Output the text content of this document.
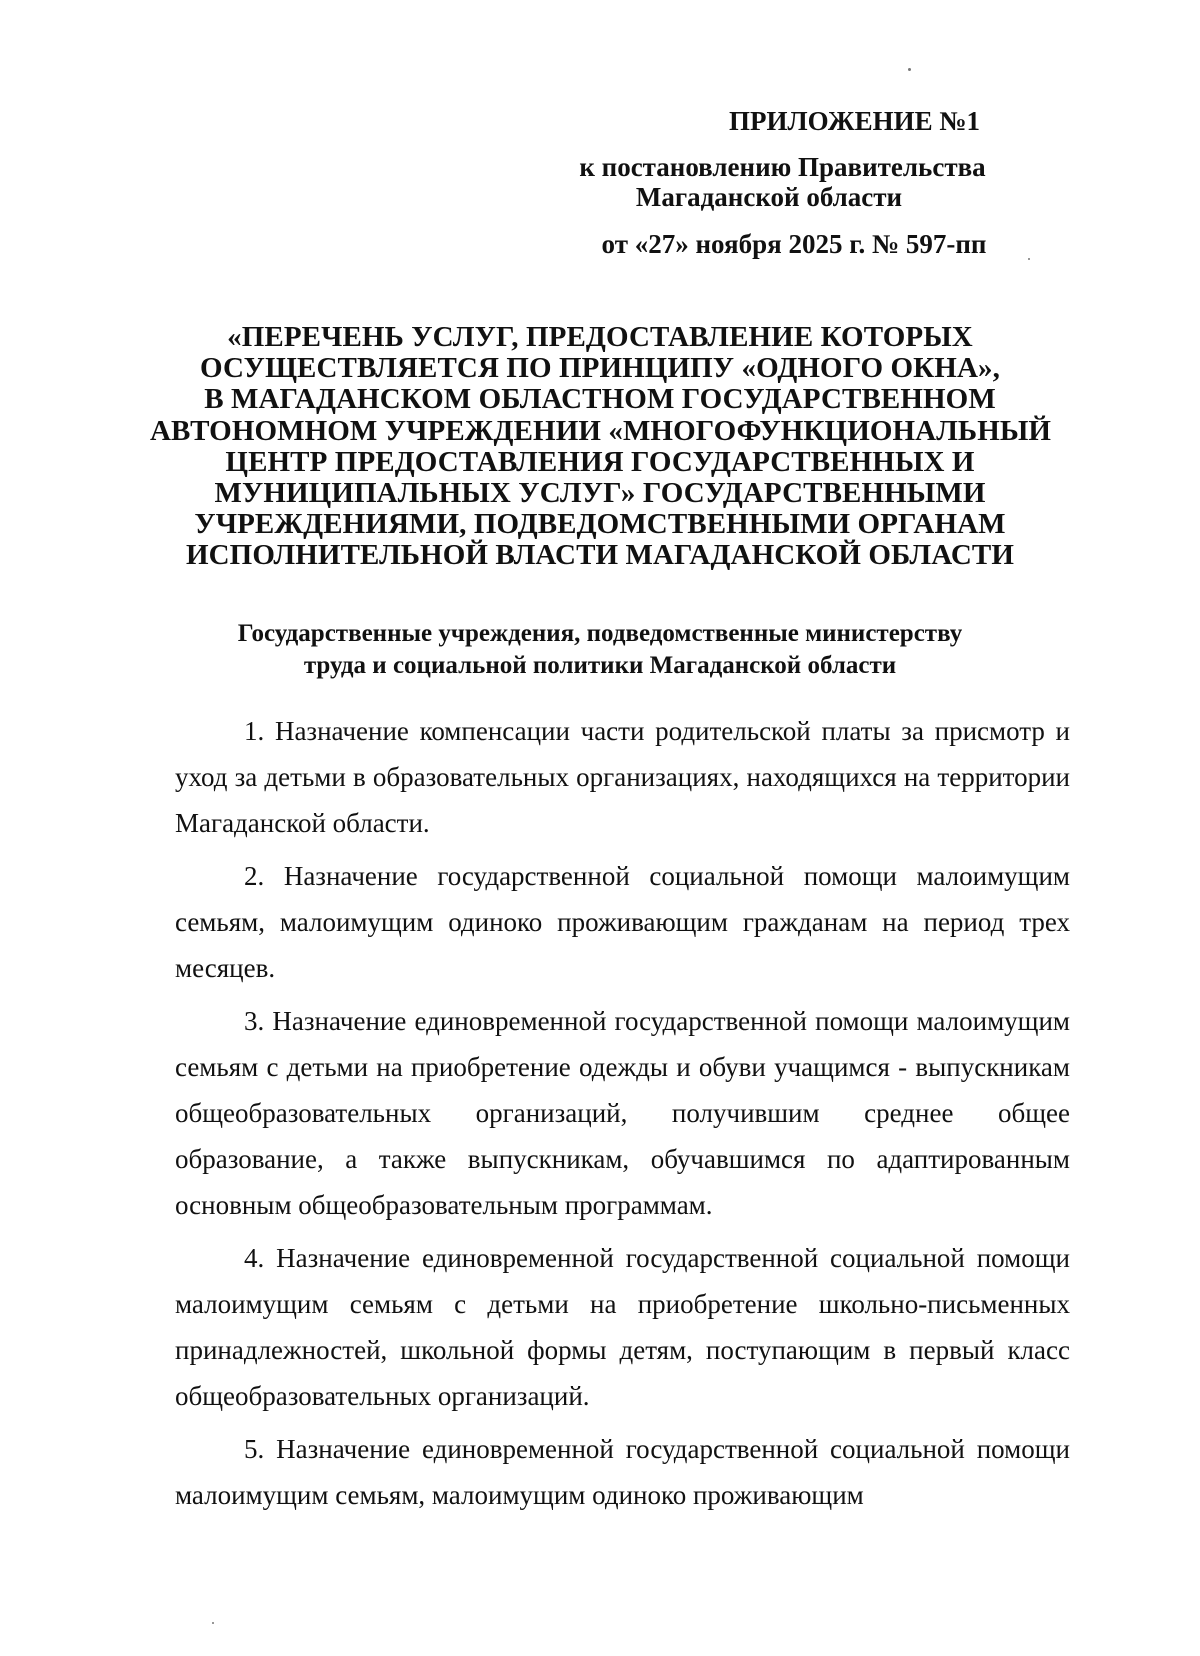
ПРИЛОЖЕНИЕ №1
к постановлению Правительства
Магаданской области
от «27» ноября 2025 г. № 597-пп
«ПЕРЕЧЕНЬ УСЛУГ, ПРЕДОСТАВЛЕНИЕ КОТОРЫХ
ОСУЩЕСТВЛЯЕТСЯ ПО ПРИНЦИПУ «ОДНОГО ОКНА»,
В МАГАДАНСКОМ ОБЛАСТНОМ ГОСУДАРСТВЕННОМ
АВТОНОМНОМ УЧРЕЖДЕНИИ «МНОГОФУНКЦИОНАЛЬНЫЙ
ЦЕНТР ПРЕДОСТАВЛЕНИЯ ГОСУДАРСТВЕННЫХ И
МУНИЦИПАЛЬНЫХ УСЛУГ» ГОСУДАРСТВЕННЫМИ
УЧРЕЖДЕНИЯМИ, ПОДВЕДОМСТВЕННЫМИ ОРГАНАМ
ИСПОЛНИТЕЛЬНОЙ ВЛАСТИ МАГАДАНСКОЙ ОБЛАСТИ
Государственные учреждения, подведомственные министерству
труда и социальной политики Магаданской области

1. Назначение компенсации части родительской платы за присмотр и уход за детьми в образовательных организациях, находящихся на территории Магаданской области.

2. Назначение государственной социальной помощи малоимущим семьям, малоимущим одиноко проживающим гражданам на период трех месяцев.

3. Назначение единовременной государственной помощи малоимущим семьям с детьми на приобретение одежды и обуви учащимся - выпускникам общеобразовательных организаций, получившим среднее общее образование, а также выпускникам, обучавшимся по адаптированным основным общеобразовательным программам.

4. Назначение единовременной государственной социальной помощи малоимущим семьям с детьми на приобретение школьно-письменных принадлежностей, школьной формы детям, поступающим в первый класс общеобразовательных организаций.

5. Назначение единовременной государственной социальной помощи малоимущим семьям, малоимущим одиноко проживающим
